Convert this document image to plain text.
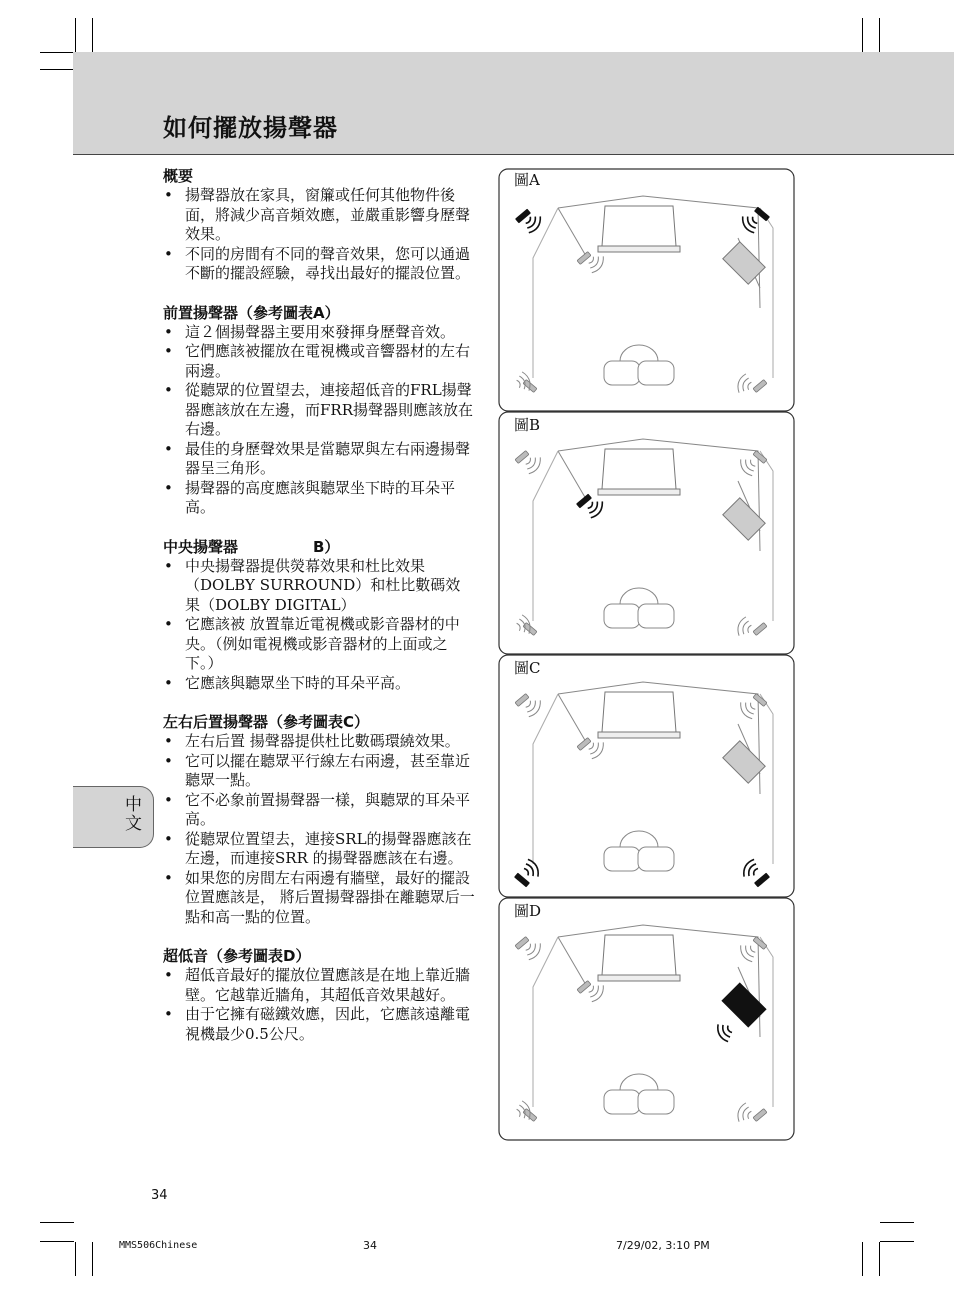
如何擺放揚聲器
概要
• 揚聲器放在家具，窗簾或任何其他物件後面，將減少高音頻效應，並嚴重影響身歷聲效果。
• 不同的房間有不同的聲音效果，您可以通過不斷的擺設經驗，尋找出最好的擺設位置。
前置揚聲器（參考圖表A）
• 這２個揚聲器主要用來發揮身歷聲音效。
• 它們應該被擺放在電視機或音響器材的左右兩邊。
• 從聽眾的位置望去，連接超低音的FRL揚聲器應該放在左邊，而FRR揚聲器則應該放在右邊。
• 最佳的身歷聲效果是當聽眾與左右兩邊揚聲器呈三角形。
• 揚聲器的高度應該與聽眾坐下時的耳朵平高。
中央揚聲器　　　　　B）
• 中央揚聲器提供熒幕效果和杜比效果（DOLBY SURROUND）和杜比數碼效果（DOLBY DIGITAL）
• 它應該被 放置靠近電視機或影音器材的中央。（例如電視機或影音器材的上面或之下。）
• 它應該與聽眾坐下時的耳朵平高。
左右后置揚聲器（參考圖表C）
• 左右后置 揚聲器提供杜比數碼環繞效果。
• 它可以擺在聽眾平行線左右兩邊，甚至靠近聽眾一點。
• 它不必象前置揚聲器一樣，與聽眾的耳朵平高。
• 從聽眾位置望去，連接SRL的揚聲器應該在左邊，而連接SRR 的揚聲器應該在右邊。
• 如果您的房間左右兩邊有牆壁，最好的擺設位置應該是， 將后置揚聲器掛在離聽眾后一點和高一點的位置。
超低音（參考圖表D）
• 超低音最好的擺放位置應該是在地上靠近牆壁。它越靠近牆角，其超低音效果越好。
• 由于它擁有磁鐵效應，因此，它應該遠離電視機最少0.5公尺。
圖A
圖B
圖C
圖D
中文
34
MMS506Chinese	34	7/29/02, 3:10 PM
